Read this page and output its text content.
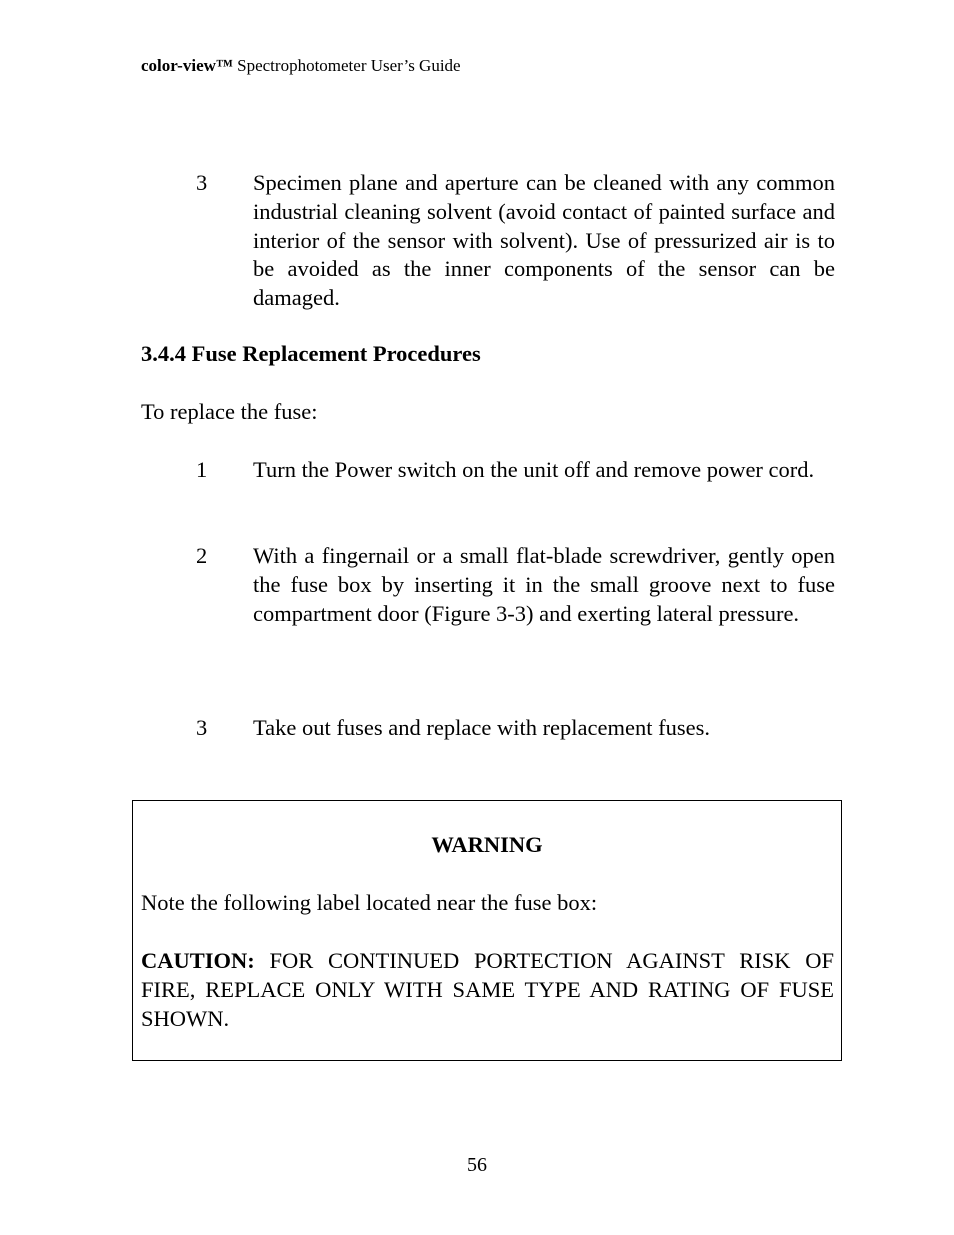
color-view™ Spectrophotometer User’s Guide
3 Specimen plane and aperture can be cleaned with any common industrial cleaning solvent (avoid contact of painted surface and interior of the sensor with solvent). Use of pressurized air is to be avoided as the inner components of the sensor can be damaged.
3.4.4 Fuse Replacement Procedures
To replace the fuse:
1 Turn the Power switch on the unit off and remove power cord.
2 With a fingernail or a small flat-blade screwdriver, gently open the fuse box by inserting it in the small groove next to fuse compartment door (Figure 3-3) and exerting lateral pressure.
3 Take out fuses and replace with replacement fuses.
WARNING
Note the following label located near the fuse box:
CAUTION: FOR CONTINUED PORTECTION AGAINST RISK OF FIRE, REPLACE ONLY WITH SAME TYPE AND RATING OF FUSE SHOWN.
56
